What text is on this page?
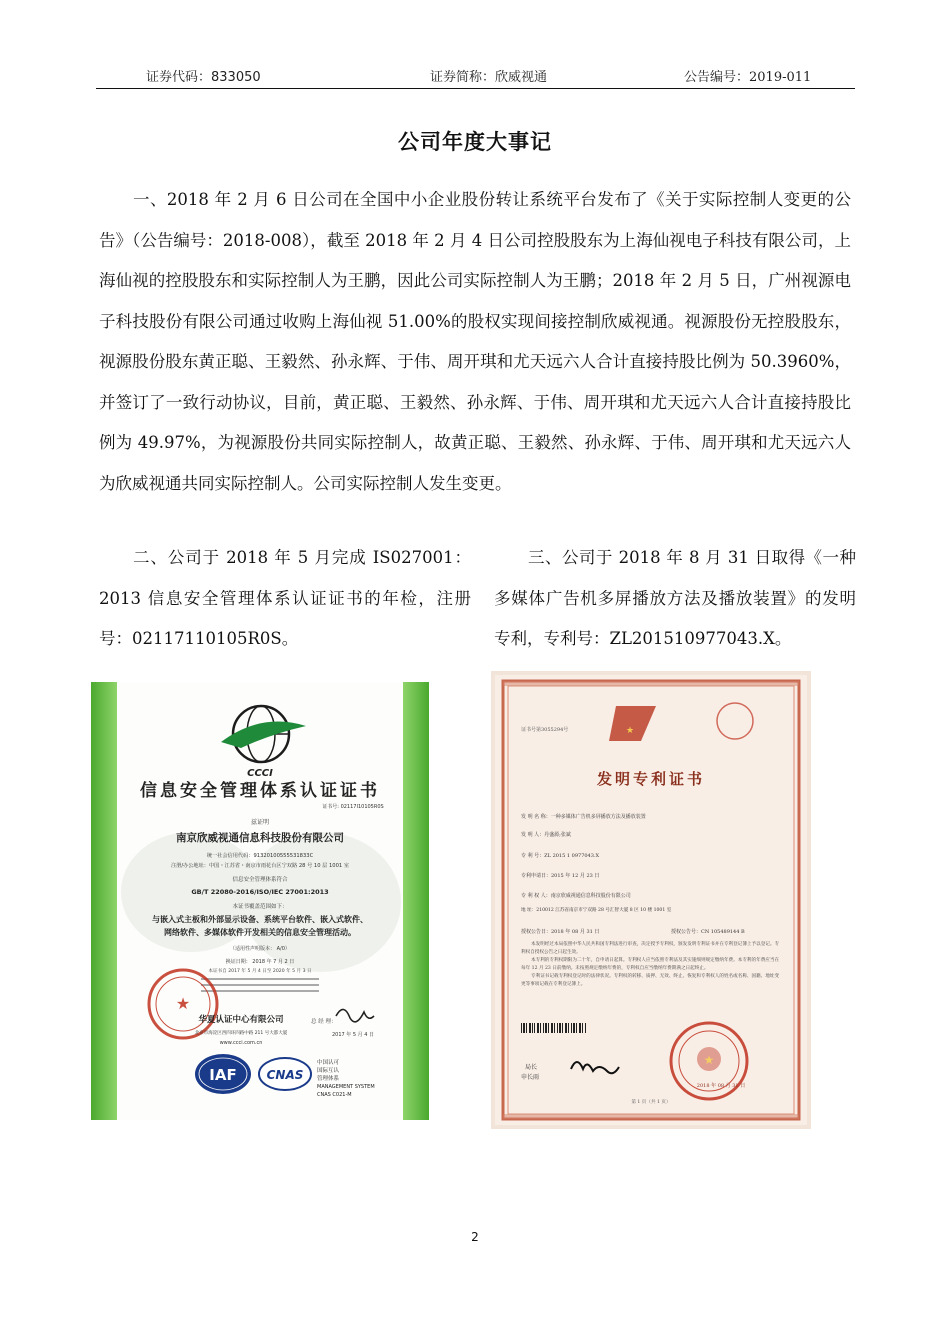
证券代码：833050	证券简称：欣威视通	公告编号：2019-011
公司年度大事记

一、2018 年 2 月 6 日公司在全国中小企业股份转让系统平台发布了《关于实际控制人变更的公告》（公告编号：2018-008），截至 2018 年 2 月 4 日公司控股股东为上海仙视电子科技有限公司，上海仙视的控股股东和实际控制人为王鹏，因此公司实际控制人为王鹏；2018 年 2 月 5 日，广州视源电子科技股份有限公司通过收购上海仙视 51.00%的股权实现间接控制欣威视通。视源股份无控股股东，视源股份股东黄正聪、王毅然、孙永辉、于伟、周开琪和尤天远六人合计直接持股比例为 50.3960%，并签订了一致行动协议，目前，黄正聪、王毅然、孙永辉、于伟、周开琪和尤天远六人合计直接持股比例为 49.97%，为视源股份共同实际控制人，故黄正聪、王毅然、孙永辉、于伟、周开琪和尤天远六人为欣威视通共同实际控制人。公司实际控制人发生变更。

二、公司于 2018 年 5 月完成 IS027001：2013 信息安全管理体系认证证书的年检，注册号：02117110105R0S。

三、公司于 2018 年 8 月 31 日取得《一种多媒体广告机多屏播放方法及播放装置》的发明专利，专利号：ZL201510977043.X。

CCCI
信息安全管理体系认证证书
证书号: 02117I10105R0S
兹证明
南京欣威视通信息科技股份有限公司
统一社会信用代码：91320100555531833C
注册/办公地址：中国・江苏省・南京市雨花台区宁双路 28 号 10 层 1001 室
信息安全管理体系符合
GB/T 22080-2016/ISO/IEC 27001:2013
本证书覆盖范围如下：
与嵌入式主板和外部显示设备、系统平台软件、嵌入式软件、
网络软件、多媒体软件开发相关的信息安全管理活动。
（适用性声明版本： A/0）
换证日期： 2018 年 7 月 2 日
本证书自 2017 年 5 月 4 日至 2020 年 5 月 3 日
★
华夏认证中心有限公司
北京市海淀区西四环四路中路 211 号大都大厦
www.ccci.com.cn
总 经 理：
2017 年 5 月 4 日
IAF CNAS
中国认可
国际互认
管理体系
MANAGEMENT SYSTEM
CNAS C021-M
证书号第3055294号	★
发明专利证书
发 明 名 称：一种多媒体广告机多屏播放方法及播放装置
发 明 人：丹盛源;张斌
专 利 号：ZL 2015 1 0977043.X
专利申请日：2015 年 12 月 23 日
专 利 权 人：南京欣威视通信息科技股份有限公司
地 址：210012 江苏省南京市宁双路 28 号汇智大厦 8 区 10 楼 1001 室
授权公告日：2018 年 08 月 31 日	授权公告号：CN 105489144 B
本发明经过本局依照中华人民共和国专利法进行审查，决定授予专利权，颁发发明专利证书并在专利登记簿上予以登记。专利权自授权公告之日起生效。
本专利的专利权期限为二十年，自申请日起算。专利权人应当依照专利法及其实施细则规定缴纳年费。本专利的年费应当在每年 12 月 23 日前缴纳。未按照规定缴纳年费的，专利权自应当缴纳年费期满之日起终止。
专利证书记载专利权登记时的法律状况。专利权的转移、质押、无效、终止、恢复和专利权人的姓名或名称、国籍、地址变更等事项记载在专利登记簿上。
局长
申长雨
★
2018 年 08 月 31 日
第 1 页（共 1 页）
2
